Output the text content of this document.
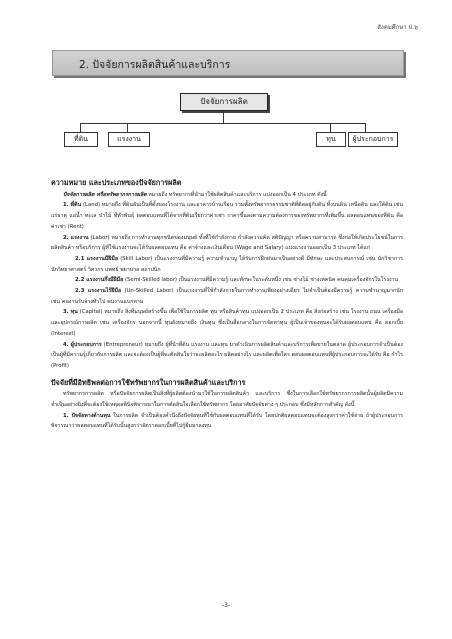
สังคมศึกษา ป.๖
2. ปัจจัยการผลิตสินค้าและบริการ
ปัจจัยการผลิต
ที่ดิน	แรงงาน	ทุน	ผู้ประกอบการ

ความหมาย และประเภทของปัจจัยการผลิต

ปัจจัยการผลิต หรือทรัพยากรการผลิต หมายถึง ทรัพยากรที่นำมาใช้ผลิตสินค้าและบริการ แบ่งออกเป็น 4 ประเภท ดังนี้

1. ที่ดิน (Land) หมายถึง ที่ดินอันเป็นที่ตั้งของโรงงาน และอาคารบ้านเรือน รวมทั้งทรัพยากรธรรมชาติที่ติดอยู่กับดิน ทั้งบนดิน เหนือดิน และใต้ดิน เช่น แร่ธาตุ แอ่น้ำ ทะเล ป่าไม้ ที่ทำพันธุ์ ผลตอบแทนที่ได้จากที่ดินเรียกว่าค่าเช่า ราคาขึ้นลงตามความต้องการของทรัพยากรที่เพิ่มขึ้น ผลตอบแทนของที่ดิน คือ ค่าเช่า (Rent)

2. แรงงาน (Labor) หมายถึง การทำงานทุกชนิดของมนุษย์ ทั้งที่ใช้กำลังกาย กำลังความคิด สติปัญญา หรือความสามารถ ซึ่งก่อให้เกิดประโยชน์ในการผลิตสินค้า หรือบริการ ผู้ที่ใช้แรงงานจะได้รับผลตอบแทน คือ ค่าจ้างและเงินเดือน (Wage and Salary) แบ่งแรงงานออกเป็น 3 ประเภท ได้แก่

2.1 แรงงานมีฝีมือ (Skill Labor) เป็นแรงงานที่มีความรู้ ความชำนาญ ได้รับการฝึกฝนมาเป็นอย่างดี มีทักษะ และประสบการณ์ เช่น นักวิชาการ นักวิทยาศาสตร์ วิศวกร แพทย์ พยาบาล สถาปนิก

2.2 แรงงานกึ่งมีฝีมือ (Semi-Skilled labor) เป็นแรงงานที่มีความรู้ และทักษะในระดับหนึ่ง เช่น ช่างไม้ ช่างเทคนิค คนคุมเครื่องจักรในโรงงาน

2.3 แรงงานไร้ฝีมือ (Un-Skilled Labor) เป็นแรงงานที่ใช้กำลังกายในการทำงานเพียงอย่างเดียว ไม่จำเป็นต้องมีความรู้ ความชำนาญมากนัก เช่น คนงานรับจ้างทั่วไป คนงานแบกหาม

3. ทุน (Capital) หมายถึง สิ่งที่มนุษย์สร้างขึ้น เพื่อใช้ในการผลิต ทุน หรือสินค้าทุน แบ่งออกเป็น 2 ประเภท คือ สิ่งก่อสร้าง เช่น โรงงาน ถนน เครื่องมือ และอุปกรณ์การผลิต เช่น เครื่องจักร นอกจากนี้ ทุนยังหมายถึง เงินทุน ซึ่งเป็นสื่อกลางในการจัดหาทุน ผู้เป็นเจ้าของทุนจะได้รับผลตอบแทน คือ ดอกเบี้ย (Interest)

4. ผู้ประกอบการ (Entrepreneur) หมายถึง ผู้ที่นำที่ดิน แรงงาน และทุน มาดำเนินการผลิตสินค้าและบริการเพื่อขายในตลาด ผู้ประกอบการจำเป็นต้องเป็นผู้ที่มีความรู้เกี่ยวกับการผลิต และจะต้องเป็นผู้ที่จะตัดสินใจว่าจะผลิตอะไร ผลิตอย่างไร และผลิตเพื่อใคร ตอบผลตอบแทนที่ผู้ประกอบการจะได้รับ คือ กำไร (Profit)

ปัจจัยที่มีอิทธิพลต่อการใช้ทรัพยากรในการผลิตสินค้าและบริการ

ทรัพยากรการผลิต หรือปัจจัยการผลิตเป็นสิ่งที่ผู้ผลิตต้องนำมาใช้ในการผลิตสินค้า และบริการ ซึ่งในการเลือกใช้ทรัพยากรการผลิตนั้นผู้ผลิตมีความจำเป็นอย่างยิ่งที่จะต้องใช้เหตุผลพินิจพิจารณาในการตัดสินใจเลือกใช้ทรัพยากร โดยอาศัยปัจจัยต่าง ๆ ประกอบ ซึ่งมีหลักการสำคัญ ดังนี้

1. ปัจจัยทางด้านทุน ในการผลิต จำเป็นต้องคำนึงถึงปัจจัยทุนที่ใช้กับผลตอบแทนที่ได้รับ โดยปกติผลตอบแทนจะต้องสูงกว่าค่าใช้จ่าย ถ้าผู้ประกอบการพิจารณาว่าผลตอบแทนที่ได้รับนั้นสูงกว่าอัตราดอกเบี้ยที่ไปกู้ยืมมาลงทุน

-3-
